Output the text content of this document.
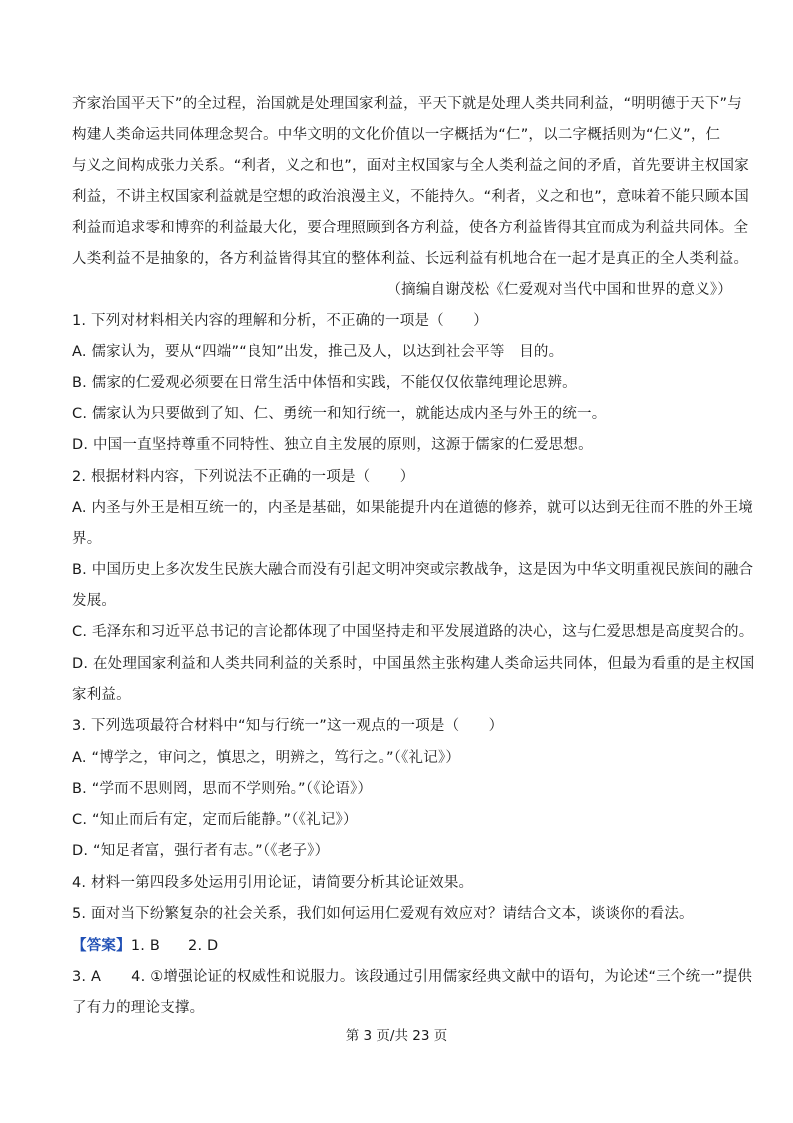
齐家治国平天下”的全过程，治国就是处理国家利益，平天下就是处理人类共同利益，“明明德于天下”与
构建人类命运共同体理念契合。中华文明的文化价值以一字概括为“仁”，以二字概括则为“仁义”，仁
与义之间构成张力关系。“利者，义之和也”，面对主权国家与全人类利益之间的矛盾，首先要讲主权国家
利益，不讲主权国家利益就是空想的政治浪漫主义，不能持久。“利者，义之和也”，意味着不能只顾本国
利益而追求零和博弈的利益最大化，要合理照顾到各方利益，使各方利益皆得其宜而成为利益共同体。全
人类利益不是抽象的，各方利益皆得其宜的整体利益、长远利益有机地合在一起才是真正的全人类利益。
（摘编自谢茂松《仁爱观对当代中国和世界的意义》）
1. 下列对材料相关内容的理解和分析，不正确的一项是（　　）
A. 儒家认为，要从“四端”“良知”出发，推己及人，以达到社会平等　目的。
B. 儒家的仁爱观必须要在日常生活中体悟和实践，不能仅仅依靠纯理论思辨。
C. 儒家认为只要做到了知、仁、勇统一和知行统一，就能达成内圣与外王的统一。
D. 中国一直坚持尊重不同特性、独立自主发展的原则，这源于儒家的仁爱思想。
2. 根据材料内容，下列说法不正确的一项是（　　）
A. 内圣与外王是相互统一的，内圣是基础，如果能提升内在道德的修养，就可以达到无往而不胜的外王境
界。
B. 中国历史上多次发生民族大融合而没有引起文明冲突或宗教战争，这是因为中华文明重视民族间的融合
发展。
C. 毛泽东和习近平总书记的言论都体现了中国坚持走和平发展道路的决心，这与仁爱思想是高度契合的。
D. 在处理国家利益和人类共同利益的关系时，中国虽然主张构建人类命运共同体，但最为看重的是主权国
家利益。
3. 下列选项最符合材料中“知与行统一”这一观点的一项是（　　）
A. “博学之，审问之，慎思之，明辨之，笃行之。”（《礼记》）
B. “学而不思则罔，思而不学则殆。”（《论语》）
C. “知止而后有定，定而后能静。”（《礼记》）
D. “知足者富，强行者有志。”（《老子》）
4. 材料一第四段多处运用引用论证，请简要分析其论证效果。
5. 面对当下纷繁复杂的社会关系，我们如何运用仁爱观有效应对？请结合文本，谈谈你的看法。
【答案】1. B 2. D
3. A 4. ①增强论证的权威性和说服力。该段通过引用儒家经典文献中的语句，为论述“三个统一”提供
了有力的理论支撑。
第 3 页/共 23 页
